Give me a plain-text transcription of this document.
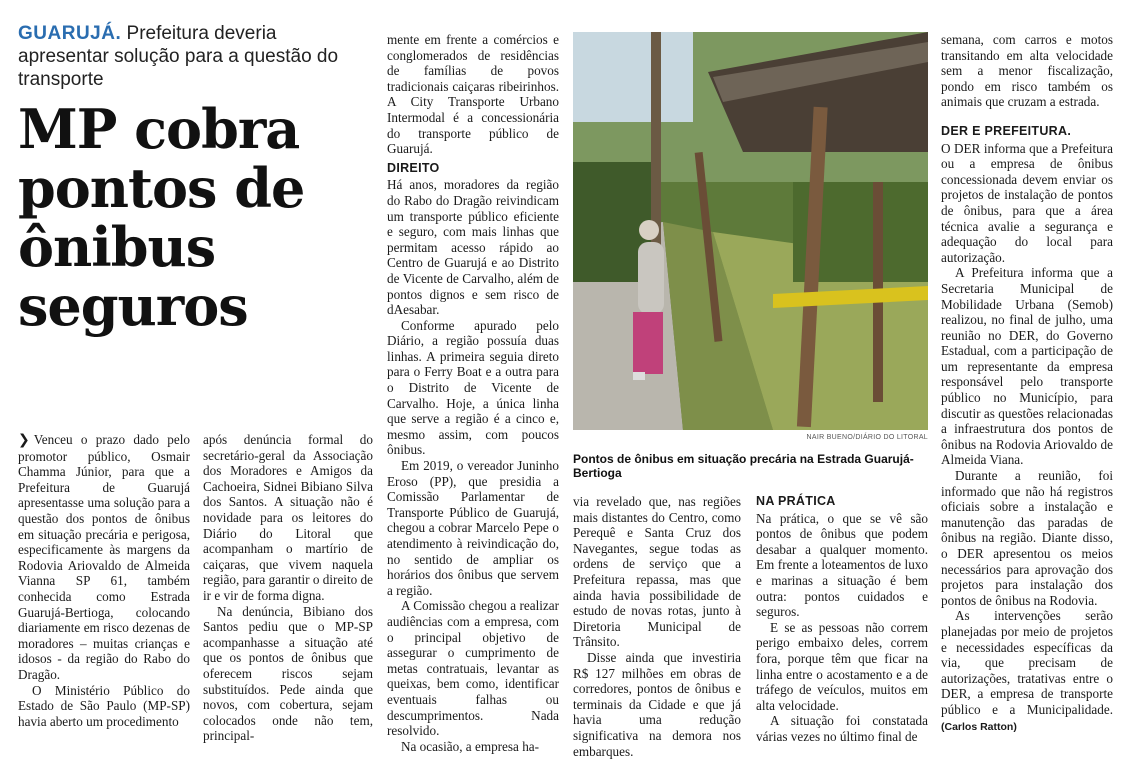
GUARUJÁ. Prefeitura deveria apresentar solução para a questão do transporte
MP cobra pontos de ônibus seguros

❯ Venceu o prazo dado pelo promotor público, Osmair Chamma Júnior, para que a Prefeitura de Guarujá apresentasse uma solução para a questão dos pontos de ônibus em situação precária e perigosa, especificamente às margens da Rodovia Ariovaldo de Almeida Vianna SP 61, também conhecida como Estrada Guarujá-Bertioga, colocando diariamente em risco dezenas de moradores – muitas crianças e idosos - da região do Rabo do Dragão.

O Ministério Público do Estado de São Paulo (MP-SP) havia aberto um procedimento

após denúncia formal do secretário-geral da Associação dos Moradores e Amigos da Cachoeira, Sidnei Bibiano Silva dos Santos. A situação não é novidade para os leitores do Diário do Litoral que acompanham o martírio de caiçaras, que vivem naquela região, para garantir o direito de ir e vir de forma digna.

Na denúncia, Bibiano dos Santos pediu que o MP-SP acompanhasse a situação até que os pontos de ônibus que oferecem riscos sejam substituídos. Pede ainda que novos, com cobertura, sejam colocados onde não tem, principal-

mente em frente a comércios e conglomerados de residências de famílias de povos tradicionais caiçaras ribeirinhos. A City Transporte Urbano Intermodal é a concessionária do transporte público de Guarujá.

DIREITO

Há anos, moradores da região do Rabo do Dragão reivindicam um transporte público eficiente e seguro, com mais linhas que permitam acesso rápido ao Centro de Guarujá e ao Distrito de Vicente de Carvalho, além de pontos dignos e sem risco de dAesabar.

Conforme apurado pelo Diário, a região possuía duas linhas. A primeira seguia direto para o Ferry Boat e a outra para o Distrito de Vicente de Carvalho. Hoje, a única linha que serve a região é a cinco e, mesmo assim, com poucos ônibus.

Em 2019, o vereador Juninho Eroso (PP), que presidia a Comissão Parlamentar de Transporte Público de Guarujá, chegou a cobrar Marcelo Pepe o atendimento à reivindicação do, no sentido de ampliar os horários dos ônibus que servem a região.

A Comissão chegou a realizar audiências com a empresa, com o principal objetivo de assegurar o cumprimento de metas contratuais, levantar as queixas, bem como, identificar eventuais falhas ou descumprimentos. Nada resolvido.

Na ocasião, a empresa ha-

NAIR BUENO/DIÁRIO DO LITORAL
Pontos de ônibus em situação precária na Estrada Guarujá-Bertioga

via revelado que, nas regiões mais distantes do Centro, como Perequê e Santa Cruz dos Navegantes, segue todas as ordens de serviço que a Prefeitura repassa, mas que ainda havia possibilidade de estudo de novas rotas, junto à Diretoria Municipal de Trânsito.

Disse ainda que investiria R$ 127 milhões em obras de corredores, pontos de ônibus e terminais da Cidade e que já havia uma redução significativa na demora nos embarques.

NA PRÁTICA

Na prática, o que se vê são pontos de ônibus que podem desabar a qualquer momento. Em frente a loteamentos de luxo e marinas a situação é bem outra: pontos cuidados e seguros.

E se as pessoas não correm perigo embaixo deles, correm fora, porque têm que ficar na linha entre o acostamento e a de tráfego de veículos, muitos em alta velocidade.

A situação foi constatada várias vezes no último final de

semana, com carros e motos transitando em alta velocidade sem a menor fiscalização, pondo em risco também os animais que cruzam a estrada.

DER E PREFEITURA.

O DER informa que a Prefeitura ou a empresa de ônibus concessionada devem enviar os projetos de instalação de pontos de ônibus, para que a área técnica avalie a segurança e adequação do local para autorização.

A Prefeitura informa que a Secretaria Municipal de Mobilidade Urbana (Semob) realizou, no final de julho, uma reunião no DER, do Governo Estadual, com a participação de um representante da empresa responsável pelo transporte público no Município, para discutir as questões relacionadas a infraestrutura dos pontos de ônibus na Rodovia Ariovaldo de Almeida Viana.

Durante a reunião, foi informado que não há registros oficiais sobre a instalação e manutenção das paradas de ônibus na região. Diante disso, o DER apresentou os meios necessários para aprovação dos projetos para instalação dos pontos de ônibus na Rodovia.

As intervenções serão planejadas por meio de projetos e necessidades específicas da via, que precisam de autorizações, tratativas entre o DER, a empresa de transporte público e a Municipalidade. (Carlos Ratton)
